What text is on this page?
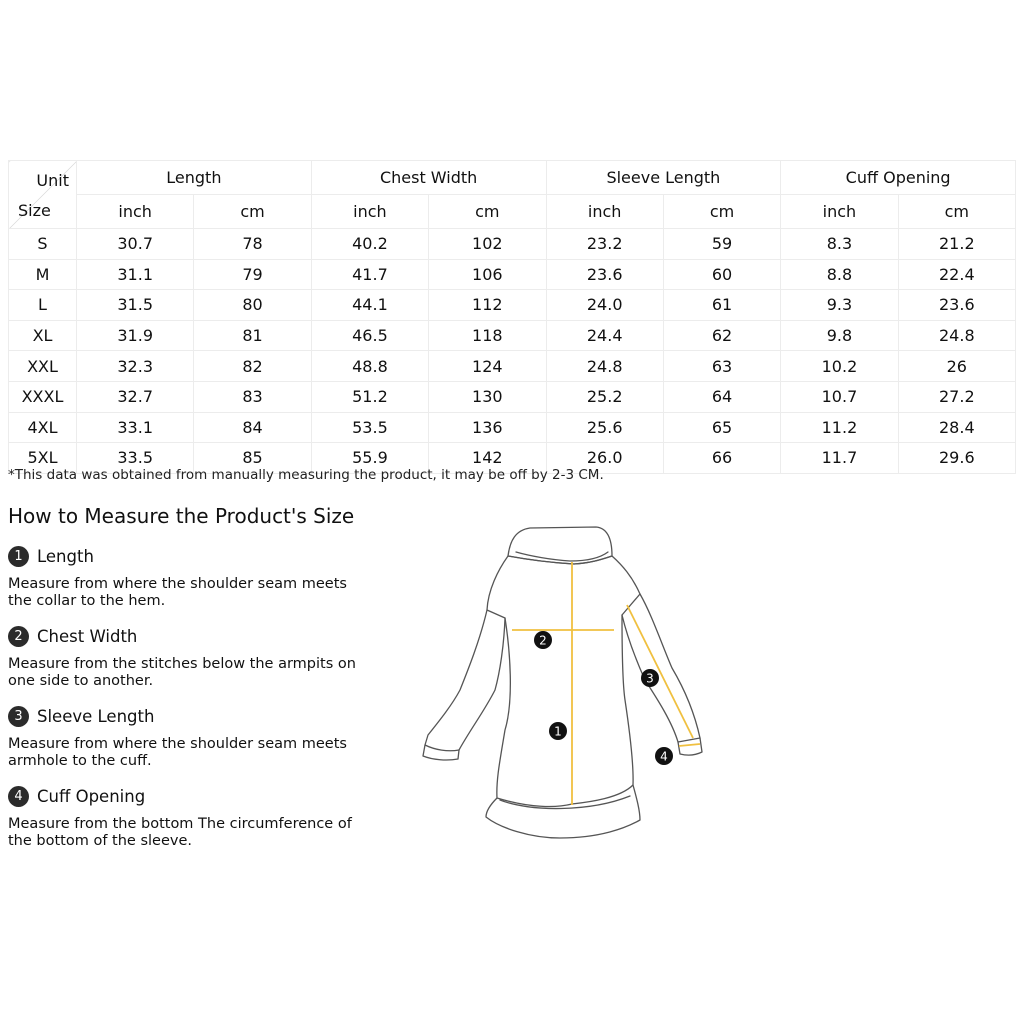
Unit
Size	Length		Chest Width		Sleeve Length		Cuff Opening	
	inch	cm	inch	cm	inch	cm	inch	cm
S	30.7	78	40.2	102	23.2	59	8.3	21.2
M	31.1	79	41.7	106	23.6	60	8.8	22.4
L	31.5	80	44.1	112	24.0	61	9.3	23.6
XL	31.9	81	46.5	118	24.4	62	9.8	24.8
XXL	32.3	82	48.8	124	24.8	63	10.2	26
XXXL	32.7	83	51.2	130	25.2	64	10.7	27.2
4XL	33.1	84	53.5	136	25.6	65	11.2	28.4
5XL	33.5	85	55.9	142	26.0	66	11.7	29.6
*This data was obtained from manually measuring the product, it may be off by 2-3 CM.
How to Measure the Product's Size
1 Length
Measure from where the shoulder seam meets the collar to the hem.
2 Chest Width
Measure from the stitches below the armpits on one side to another.
3 Sleeve Length
Measure from where the shoulder seam meets armhole to the cuff.
4 Cuff Opening
Measure from the bottom The circumference of the bottom of the sleeve.
1
2
3
4
